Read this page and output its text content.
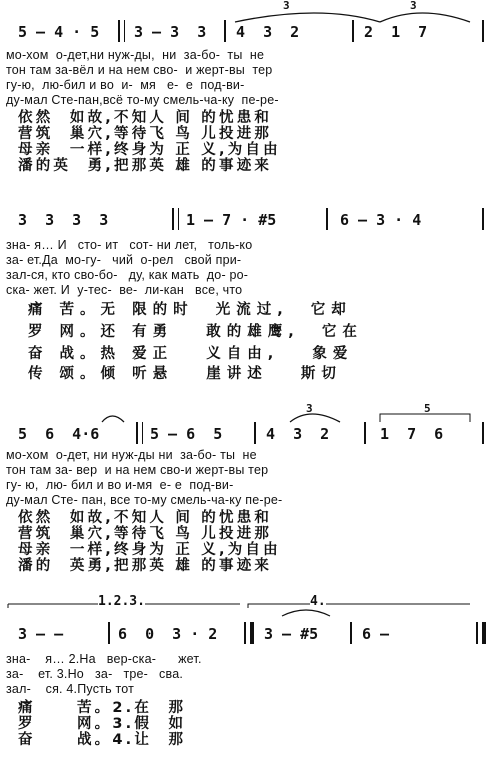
3	3
5 — 4 · 5 3 — 3  3 4  3  2	2  1  7
мо-хом  о-дет,ни нуж-ды,  ни  за-бо-  ты  не
тон там за-вёл и на нем сво-  и жерт-вы  тер
гу-ю,  лю-бил и во  и-  мя   е-  е  под-ви-
ду-мал Сте-пан,всё то-му смель-ча-ку  пе-ре-
依然  如故,不知人 间 的忧患和
营筑  巢穴,等待飞 鸟 儿投进那
母亲  一样,终身为 正 义,为自由
潘的英  勇,把那英 雄 的事迹来
3  3  3  3	1 — 7 · #5	6 — 3 · 4
зна- я… И   сто- ит   сот- ни лет,   толь-ко
за- ет.Да  мо-гу-   чий  о-рел   свой при-
зал-ся, кто сво-бо-   ду, как мать  до- ро-
ска- жет. И  у-тес-  ве-  ли-кан   все, что
痛 苦。无 限的时  光流过,  它却
罗 网。还 有勇   敢的雄鹰,  它在
奋 战。热 爱正   义自由,   象爱
传 颂。倾 听悬   崖讲述   斯切
3	5
5  6  4·6	5 — 6  5	4  3  2	1  7  6
мо-хом  о-дет, ни нуж-ды ни  за-бо- ты  не
тон там за- вер  и на нем сво-и жерт-вы тер
гу- ю,  лю- бил и во и-мя  е- е  под-ви-
ду-мал Сте- пан, все то-му смель-ча-ку пе-ре-
依然  如故,不知人 间 的忧患和
营筑  巢穴,等待飞 鸟 儿投进那
母亲  一样,终身为 正 义,为自由
潘的  英勇,把那英 雄 的事迹来
1.2.3.	4.
3 — —	6  0  3 · 2	3 — #5	6 —
зна-    я… 2.На   вер-ска-      жет.
за-    ет. 3.Но   за-   тре-   сва.
зал-    ся. 4.Пусть тот
痛     苦。2.在  那
罗     网。3.假  如
奋     战。4.让  那
